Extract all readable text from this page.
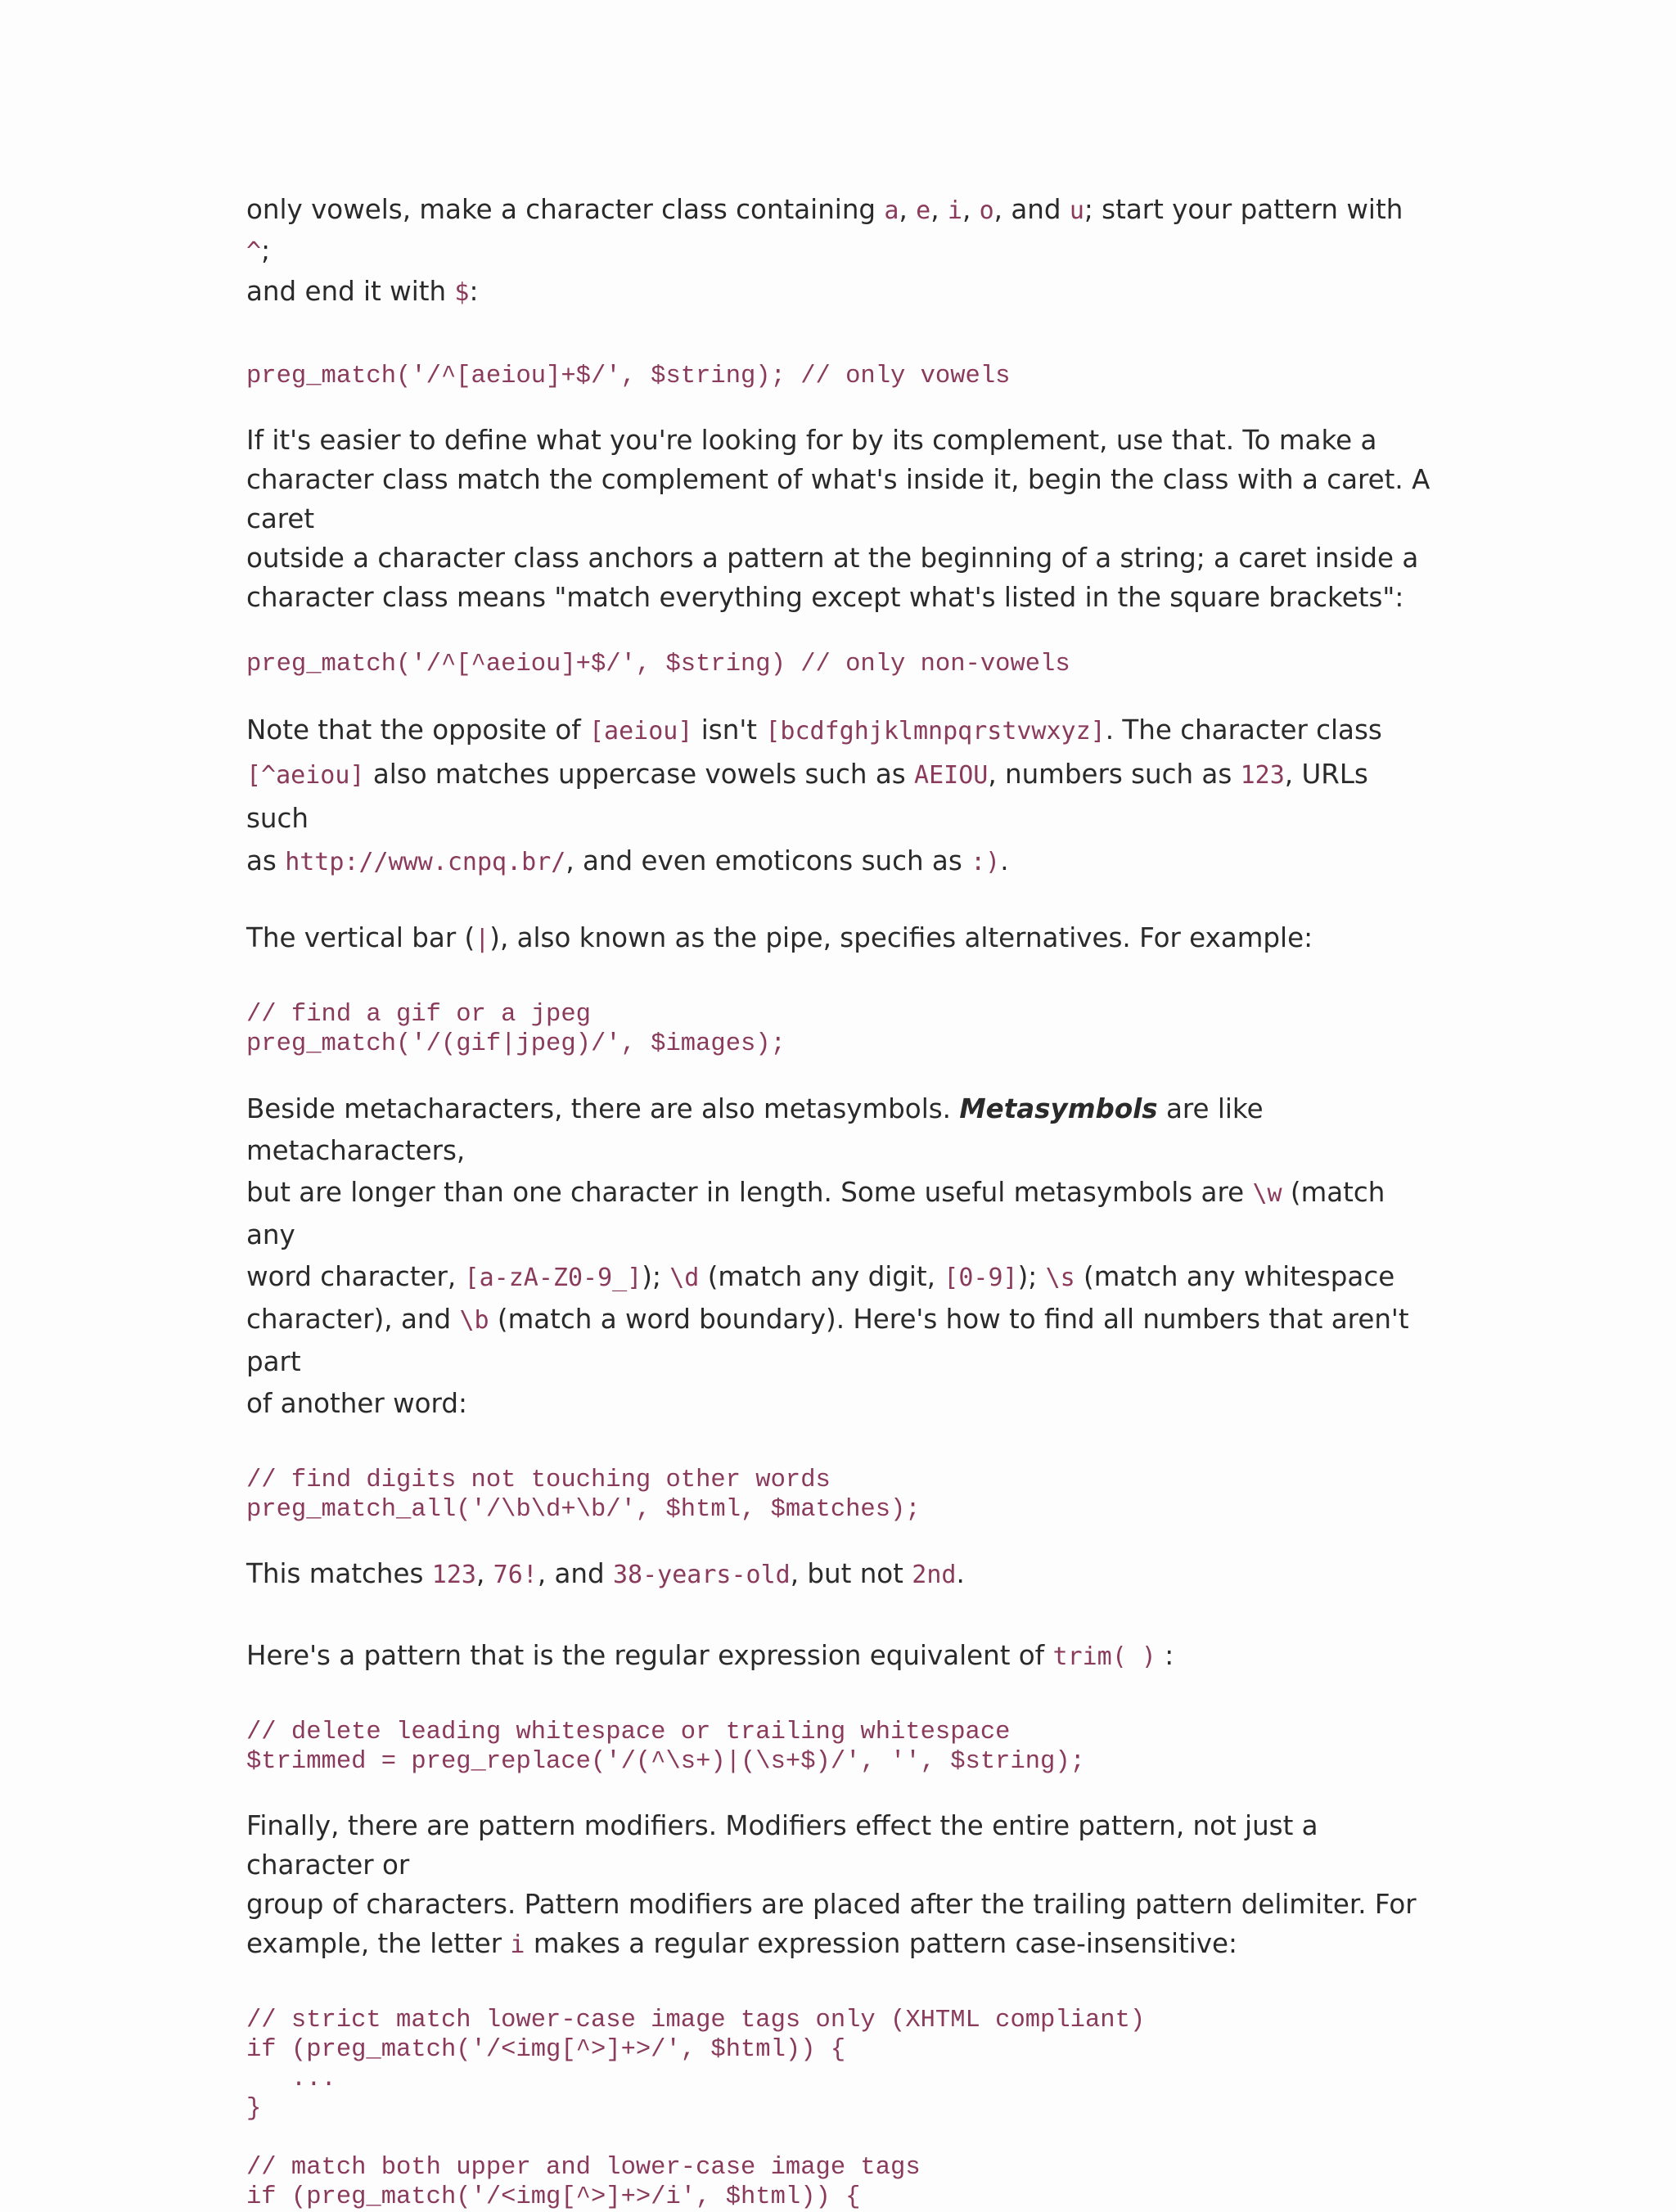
only vowels, make a character class containing a, e, i, o, and u; start your pattern with ^;
and end it with $:

preg_match('/^[aeiou]+$/', $string); // only vowels

If it's easier to define what you're looking for by its complement, use that. To make a
character class match the complement of what's inside it, begin the class with a caret. A caret
outside a character class anchors a pattern at the beginning of a string; a caret inside a
character class means "match everything except what's listed in the square brackets":

preg_match('/^[^aeiou]+$/', $string) // only non-vowels

Note that the opposite of [aeiou] isn't [bcdfghjklmnpqrstvwxyz]. The character class
[^aeiou] also matches uppercase vowels such as AEIOU, numbers such as 123, URLs such
as http://www.cnpq.br/, and even emoticons such as :).

The vertical bar (|), also known as the pipe, specifies alternatives. For example:

// find a gif or a jpeg
preg_match('/(gif|jpeg)/', $images);

Beside metacharacters, there are also metasymbols. Metasymbols are like metacharacters,
but are longer than one character in length. Some useful metasymbols are \w (match any
word character, [a-zA-Z0-9_]); \d (match any digit, [0-9]); \s (match any whitespace
character), and \b (match a word boundary). Here's how to find all numbers that aren't part
of another word:

// find digits not touching other words
preg_match_all('/\b\d+\b/', $html, $matches);

This matches 123, 76!, and 38-years-old, but not 2nd.

Here's a pattern that is the regular expression equivalent of trim( ) :

// delete leading whitespace or trailing whitespace
$trimmed = preg_replace('/(^\s+)|(\s+$)/', '', $string);

Finally, there are pattern modifiers. Modifiers effect the entire pattern, not just a character or
group of characters. Pattern modifiers are placed after the trailing pattern delimiter. For
example, the letter i makes a regular expression pattern case-insensitive:

// strict match lower-case image tags only (XHTML compliant)
if (preg_match('/<img[^>]+>/', $html)) {
...
}

// match both upper and lower-case image tags
if (preg_match('/<img[^>]+>/i', $html)) {
